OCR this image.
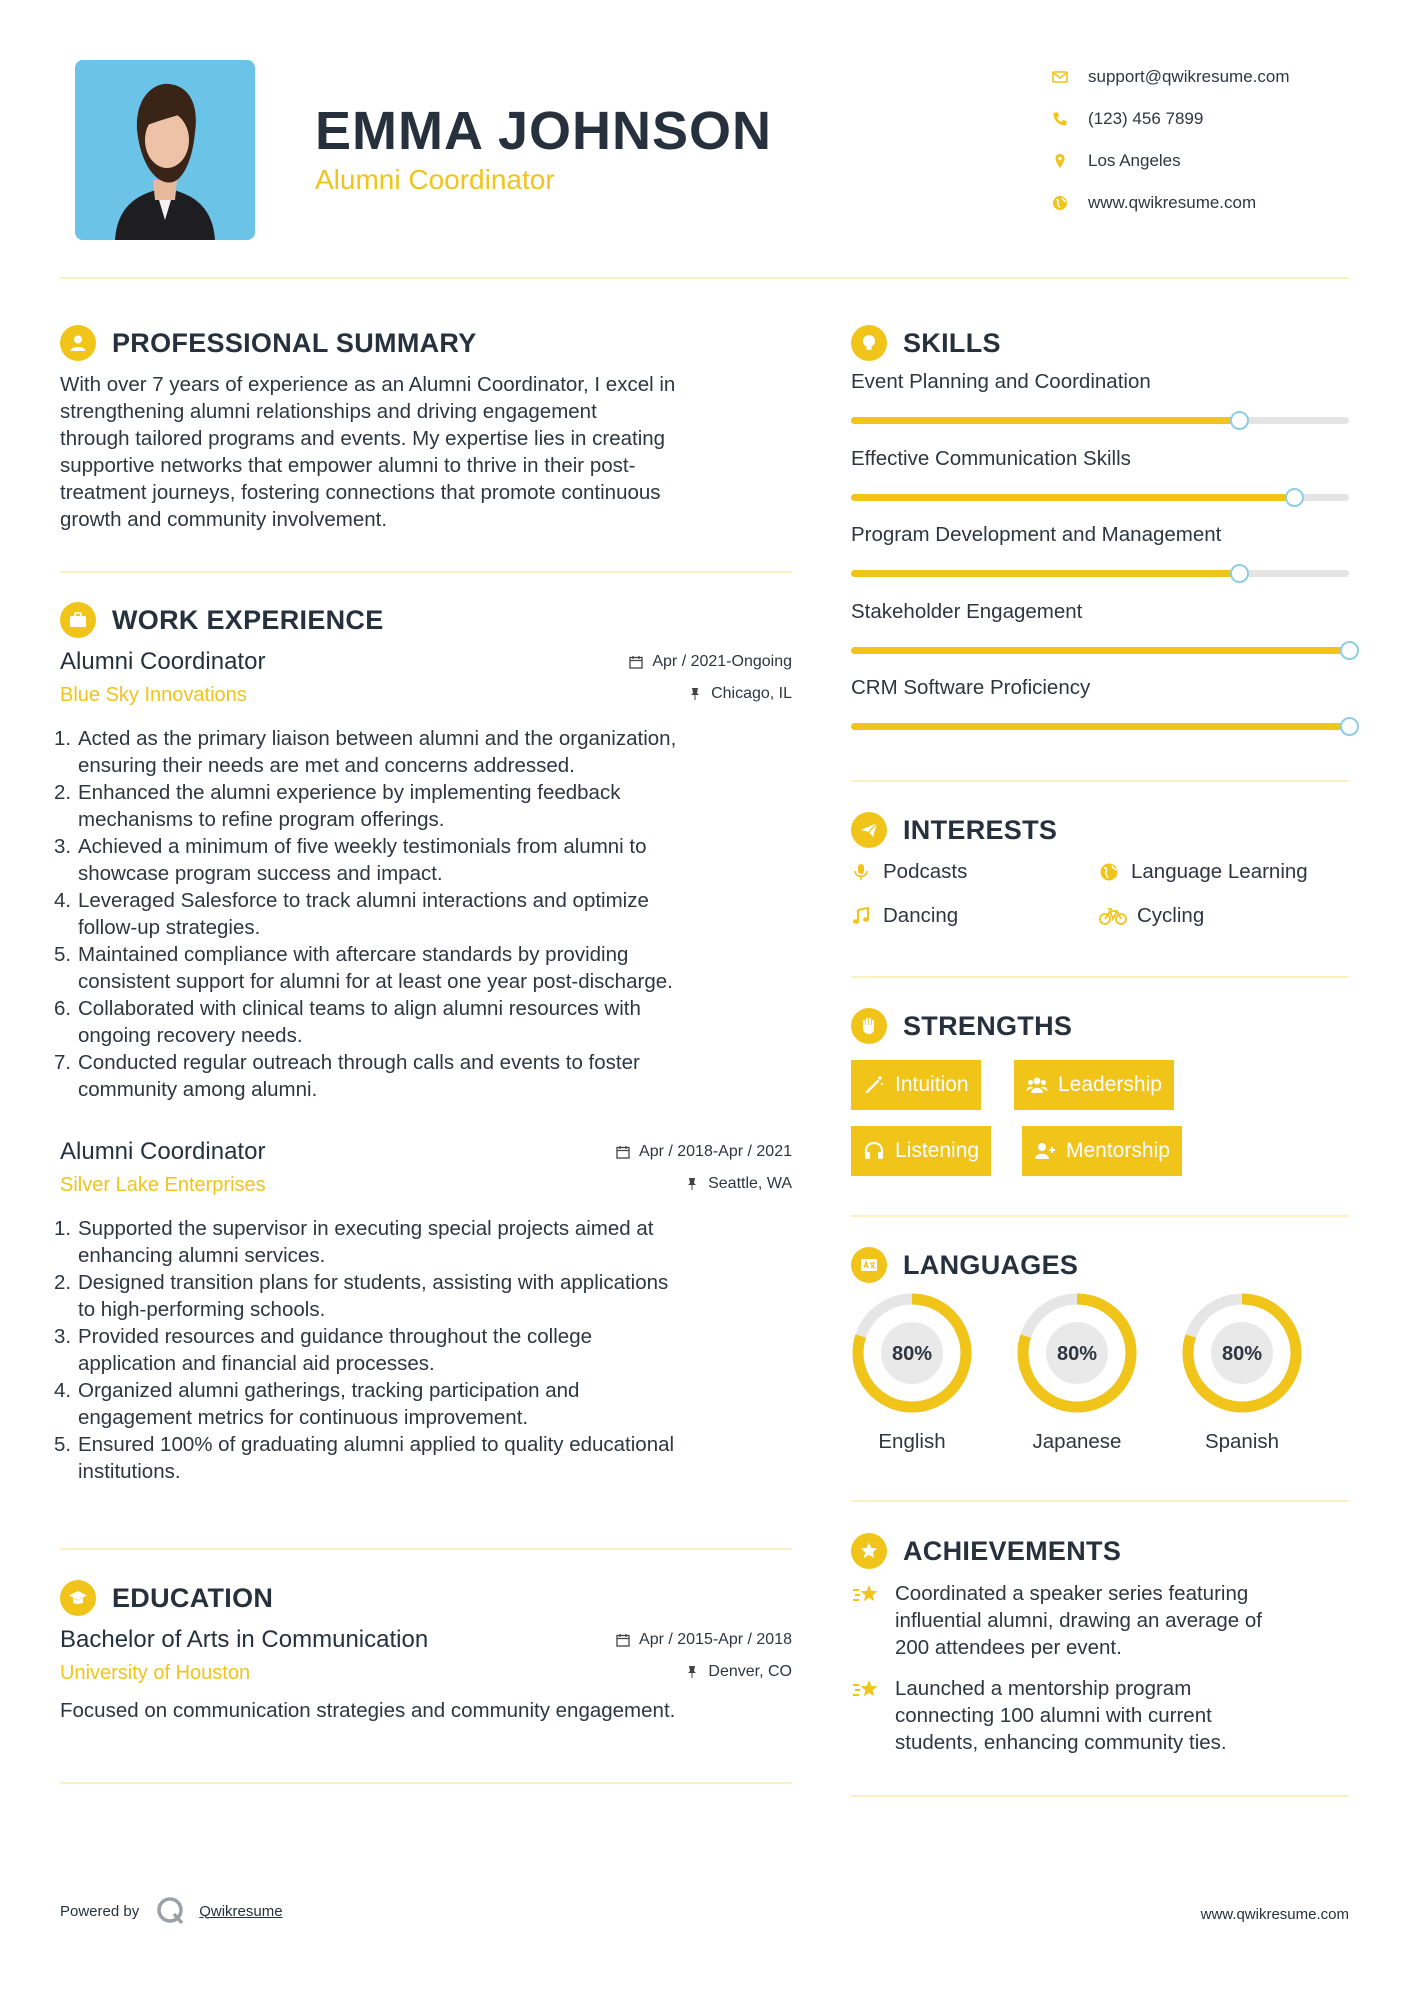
EMMA JOHNSON
Alumni Coordinator
support@qwikresume.com
(123) 456 7899
Los Angeles
www.qwikresume.com
PROFESSIONAL SUMMARY
With over 7 years of experience as an Alumni Coordinator, I excel in
strengthening alumni relationships and driving engagement
through tailored programs and events. My expertise lies in creating
supportive networks that empower alumni to thrive in their post-
treatment journeys, fostering connections that promote continuous
growth and community involvement.
WORK EXPERIENCE
Alumni Coordinator	Apr / 2021-Ongoing
Blue Sky Innovations	Chicago, IL
1. Acted as the primary liaison between alumni and the organization,
ensuring their needs are met and concerns addressed.
2. Enhanced the alumni experience by implementing feedback
mechanisms to refine program offerings.
3. Achieved a minimum of five weekly testimonials from alumni to
showcase program success and impact.
4. Leveraged Salesforce to track alumni interactions and optimize
follow-up strategies.
5. Maintained compliance with aftercare standards by providing
consistent support for alumni for at least one year post-discharge.
6. Collaborated with clinical teams to align alumni resources with
ongoing recovery needs.
7. Conducted regular outreach through calls and events to foster
community among alumni.
Alumni Coordinator	Apr / 2018-Apr / 2021
Silver Lake Enterprises	Seattle, WA
1. Supported the supervisor in executing special projects aimed at
enhancing alumni services.
2. Designed transition plans for students, assisting with applications
to high-performing schools.
3. Provided resources and guidance throughout the college
application and financial aid processes.
4. Organized alumni gatherings, tracking participation and
engagement metrics for continuous improvement.
5. Ensured 100% of graduating alumni applied to quality educational
institutions.
EDUCATION
Bachelor of Arts in Communication	Apr / 2015-Apr / 2018
University of Houston	Denver, CO
Focused on communication strategies and community engagement.
SKILLS
Event Planning and Coordination
Effective Communication Skills
Program Development and Management
Stakeholder Engagement
CRM Software Proficiency
INTERESTS
Podcasts	Language Learning
Dancing	Cycling
STRENGTHS
Intuition	Leadership
Listening	Mentorship
LANGUAGES
80%
English
80%
Japanese
80%
Spanish
ACHIEVEMENTS
Coordinated a speaker series featuring
influential alumni, drawing an average of
200 attendees per event.
Launched a mentorship program
connecting 100 alumni with current
students, enhancing community ties.
Powered by	Qwikresume	www.qwikresume.com
